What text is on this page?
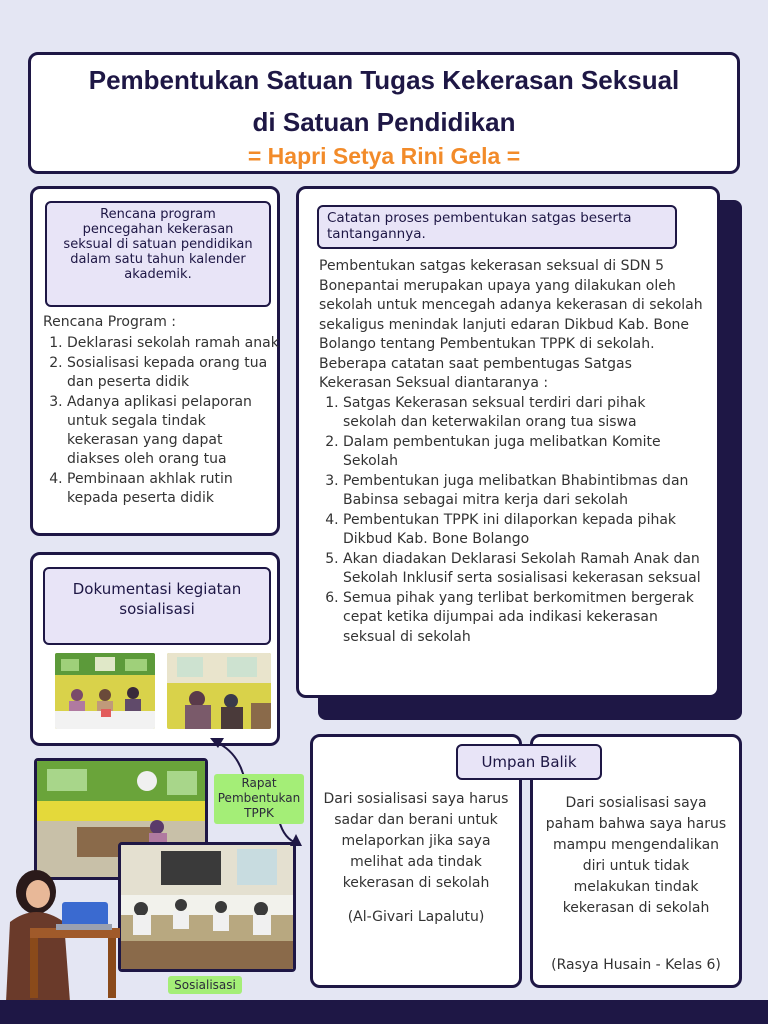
Pembentukan Satuan Tugas Kekerasan Seksual
di Satuan Pendidikan
= Hapri Setya Rini Gela =
Rencana program
pencegahan kekerasan
seksual di satuan pendidikan
dalam satu tahun kalender
akademik.
Rencana Program :
1. Deklarasi sekolah ramah anak
2. Sosialisasi kepada orang tua dan peserta didik
3. Adanya aplikasi pelaporan untuk segala tindak kekerasan yang dapat diakses oleh orang tua
4. Pembinaan akhlak rutin kepada peserta didik
Catatan proses pembentukan satgas beserta
tantangannya.
Pembentukan satgas kekerasan seksual di SDN 5 Bonepantai merupakan upaya yang dilakukan oleh sekolah untuk mencegah adanya kekerasan di sekolah sekaligus menindak lanjuti edaran Dikbud Kab. Bone Bolango tentang Pembentukan TPPK di sekolah.
Beberapa catatan saat pembentugas Satgas Kekerasan Seksual diantaranya :
1. Satgas Kekerasan seksual terdiri dari pihak sekolah dan keterwakilan orang tua siswa
2. Dalam pembentukan juga melibatkan Komite Sekolah
3. Pembentukan juga melibatkan Bhabintibmas dan Babinsa sebagai mitra kerja dari sekolah
4. Pembentukan TPPK ini dilaporkan kepada pihak Dikbud Kab. Bone Bolango
5. Akan diadakan Deklarasi Sekolah Ramah Anak dan Sekolah Inklusif serta sosialisasi kekerasan seksual
6. Semua pihak yang terlibat berkomitmen bergerak cepat ketika dijumpai ada indikasi kekerasan seksual di sekolah
Dokumentasi kegiatan
sosialisasi
Rapat
Pembentukan
TPPK
Sosialisasi
Dari sosialisasi saya harus sadar dan berani untuk melaporkan jika saya melihat ada tindak kekerasan di sekolah
(Al-Givari Lapalutu)
Dari sosialisasi saya paham bahwa saya harus mampu mengendalikan diri untuk tidak melakukan tindak kekerasan di sekolah
(Rasya Husain - Kelas 6)
Umpan Balik
